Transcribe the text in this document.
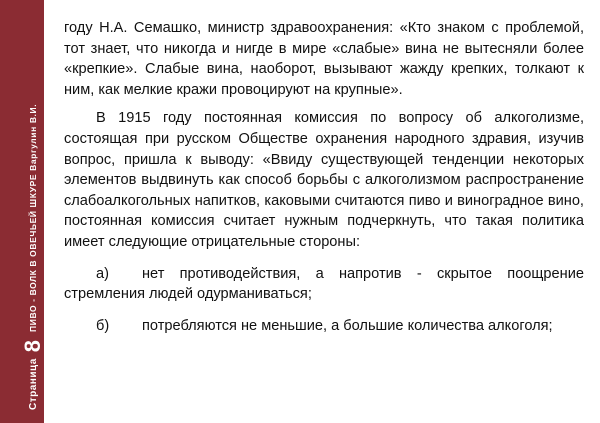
Страница
8
ПИВО - ВОЛК В ОВЕЧЬЕЙ ШКУРЕ Варгулин В.И.

году Н.А. Семашко, министр здравоохранения: «Кто знаком с проблемой, тот знает, что никогда и нигде в мире «слабые» вина не вытесняли более «крепкие». Слабые вина, наоборот, вызывают жажду крепких, толкают к ним, как мелкие кражи провоцируют на крупные».

В 1915 году постоянная комиссия по вопросу об алкоголизме, состоящая при русском Обществе охранения народного здравия, изучив вопрос, пришла к выводу: «Ввиду существующей тенденции некоторых элементов выдвинуть как способ борьбы с алкоголизмом распространение слабоалкогольных напитков, каковыми считаются пиво и виноградное вино, постоянная комиссия считает нужным подчеркнуть, что такая политика имеет следующие отрицательные стороны:

а) нет противодействия, а напротив - скрытое поощрение стремления людей одурманиваться;

б) потребляются не меньшие, а большие количества алкоголя;
